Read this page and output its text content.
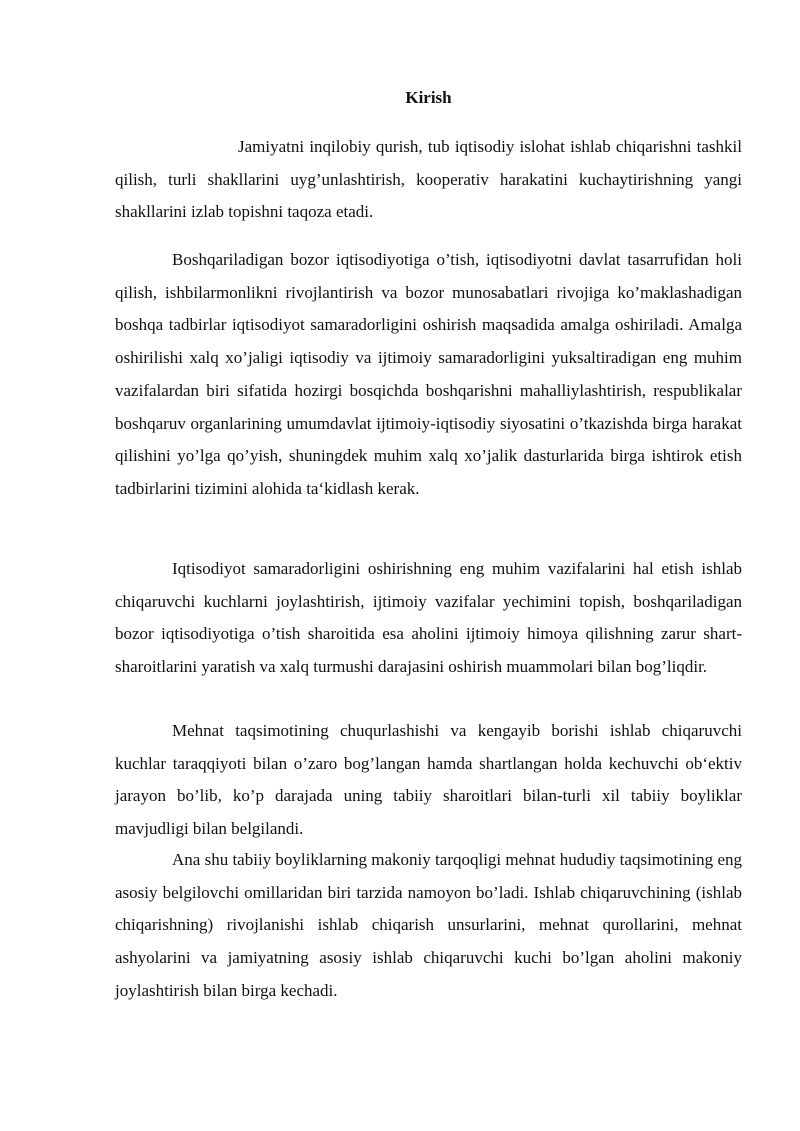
Kirish

Jamiyatni inqilobiy qurish, tub iqtisodiy islohat ishlab chiqarishni tashkil qilish, turli shakllarini uyg’unlashtirish, kooperativ harakatini kuchaytirishning yangi shakllarini izlab topishni taqoza etadi.

Boshqariladigan bozor iqtisodiyotiga o’tish, iqtisodiyotni davlat tasarrufidan holi qilish, ishbilarmonlikni rivojlantirish va bozor munosabatlari rivojiga ko’maklashadigan boshqa tadbirlar iqtisodiyot samaradorligini oshirish maqsadida amalga oshiriladi. Amalga oshirilishi xalq xo’jaligi iqtisodiy va ijtimoiy samaradorligini yuksaltiradigan eng muhim vazifalardan biri sifatida hozirgi bosqichda boshqarishni mahalliylashtirish, respublikalar boshqaruv organlarining umumdavlat ijtimoiy-iqtisodiy siyosatini o’tkazishda birga harakat qilishini yo’lga qo’yish, shuningdek muhim xalq xo’jalik dasturlarida birga ishtirok etish tadbirlarini tizimini alohida ta‘kidlash kerak.

Iqtisodiyot samaradorligini oshirishning eng muhim vazifalarini hal etish ishlab chiqaruvchi kuchlarni joylashtirish, ijtimoiy vazifalar yechimini topish, boshqariladigan bozor iqtisodiyotiga o’tish sharoitida esa aholini ijtimoiy himoya qilishning zarur shart-sharoitlarini yaratish va xalq turmushi darajasini oshirish muammolari bilan bog’liqdir.

Mehnat taqsimotining chuqurlashishi va kengayib borishi ishlab chiqaruvchi kuchlar taraqqiyoti bilan o’zaro bog’langan hamda shartlangan holda kechuvchi ob‘ektiv jarayon bo’lib, ko’p darajada uning tabiiy sharoitlari bilan-turli xil tabiiy boyliklar mavjudligi bilan belgilandi.

Ana shu tabiiy boyliklarning makoniy tarqoqligi mehnat hududiy taqsimotining eng asosiy belgilovchi omillaridan biri tarzida namoyon bo’ladi. Ishlab chiqaruvchining (ishlab chiqarishning) rivojlanishi ishlab chiqarish unsurlarini, mehnat qurollarini, mehnat ashyolarini va jamiyatning asosiy ishlab chiqaruvchi kuchi bo’lgan aholini makoniy joylashtirish bilan birga kechadi.
